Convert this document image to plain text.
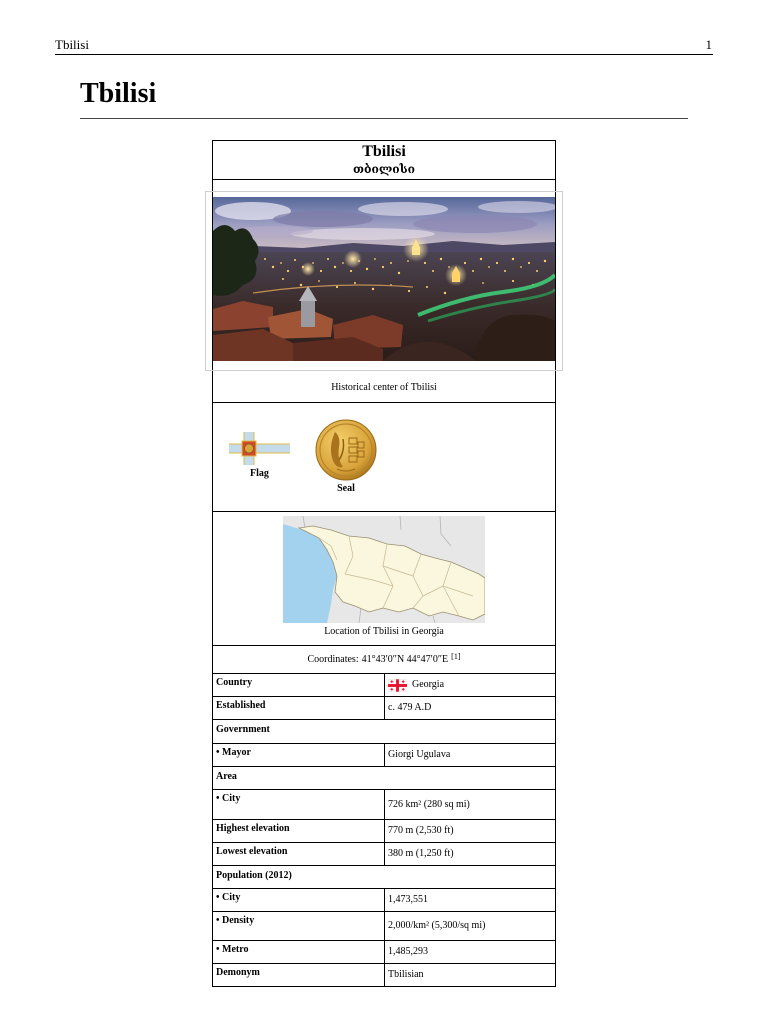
Tbilisi	1
Tbilisi
Tbilisi
თბილისი
Historical center of Tbilisi
Flag
Seal
Location of Tbilisi in Georgia
Coordinates: 41°43′0″N 44°47′0″E [1]
Country	Georgia
Established	c. 479 A.D
Government
• Mayor	Giorgi Ugulava
Area
• City	726 km² (280 sq mi)
Highest elevation	770 m (2,530 ft)
Lowest elevation	380 m (1,250 ft)
Population (2012)
• City	1,473,551
• Density	2,000/km² (5,300/sq mi)
• Metro	1,485,293
Demonym	Tbilisian
